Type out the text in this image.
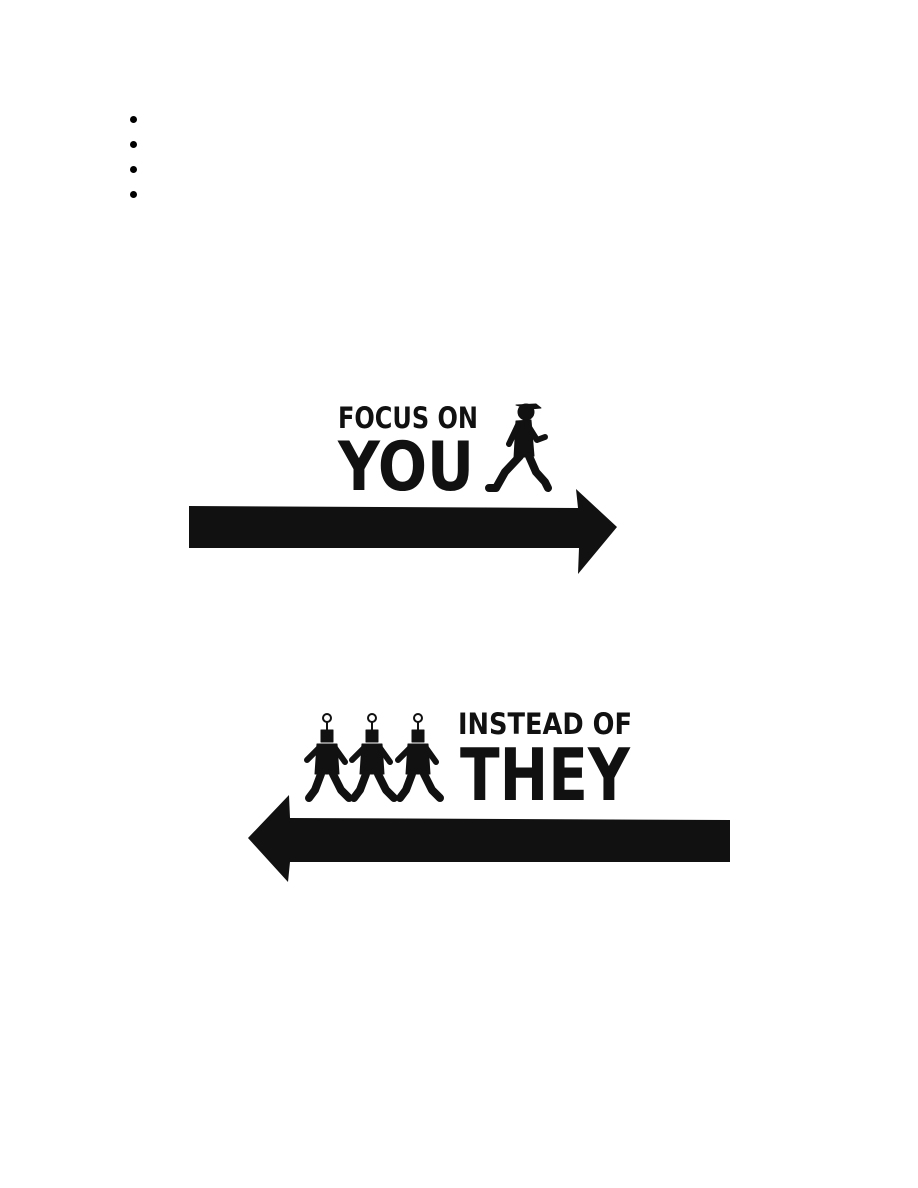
FOCUS ON
YOU
INSTEAD OF
THEY
